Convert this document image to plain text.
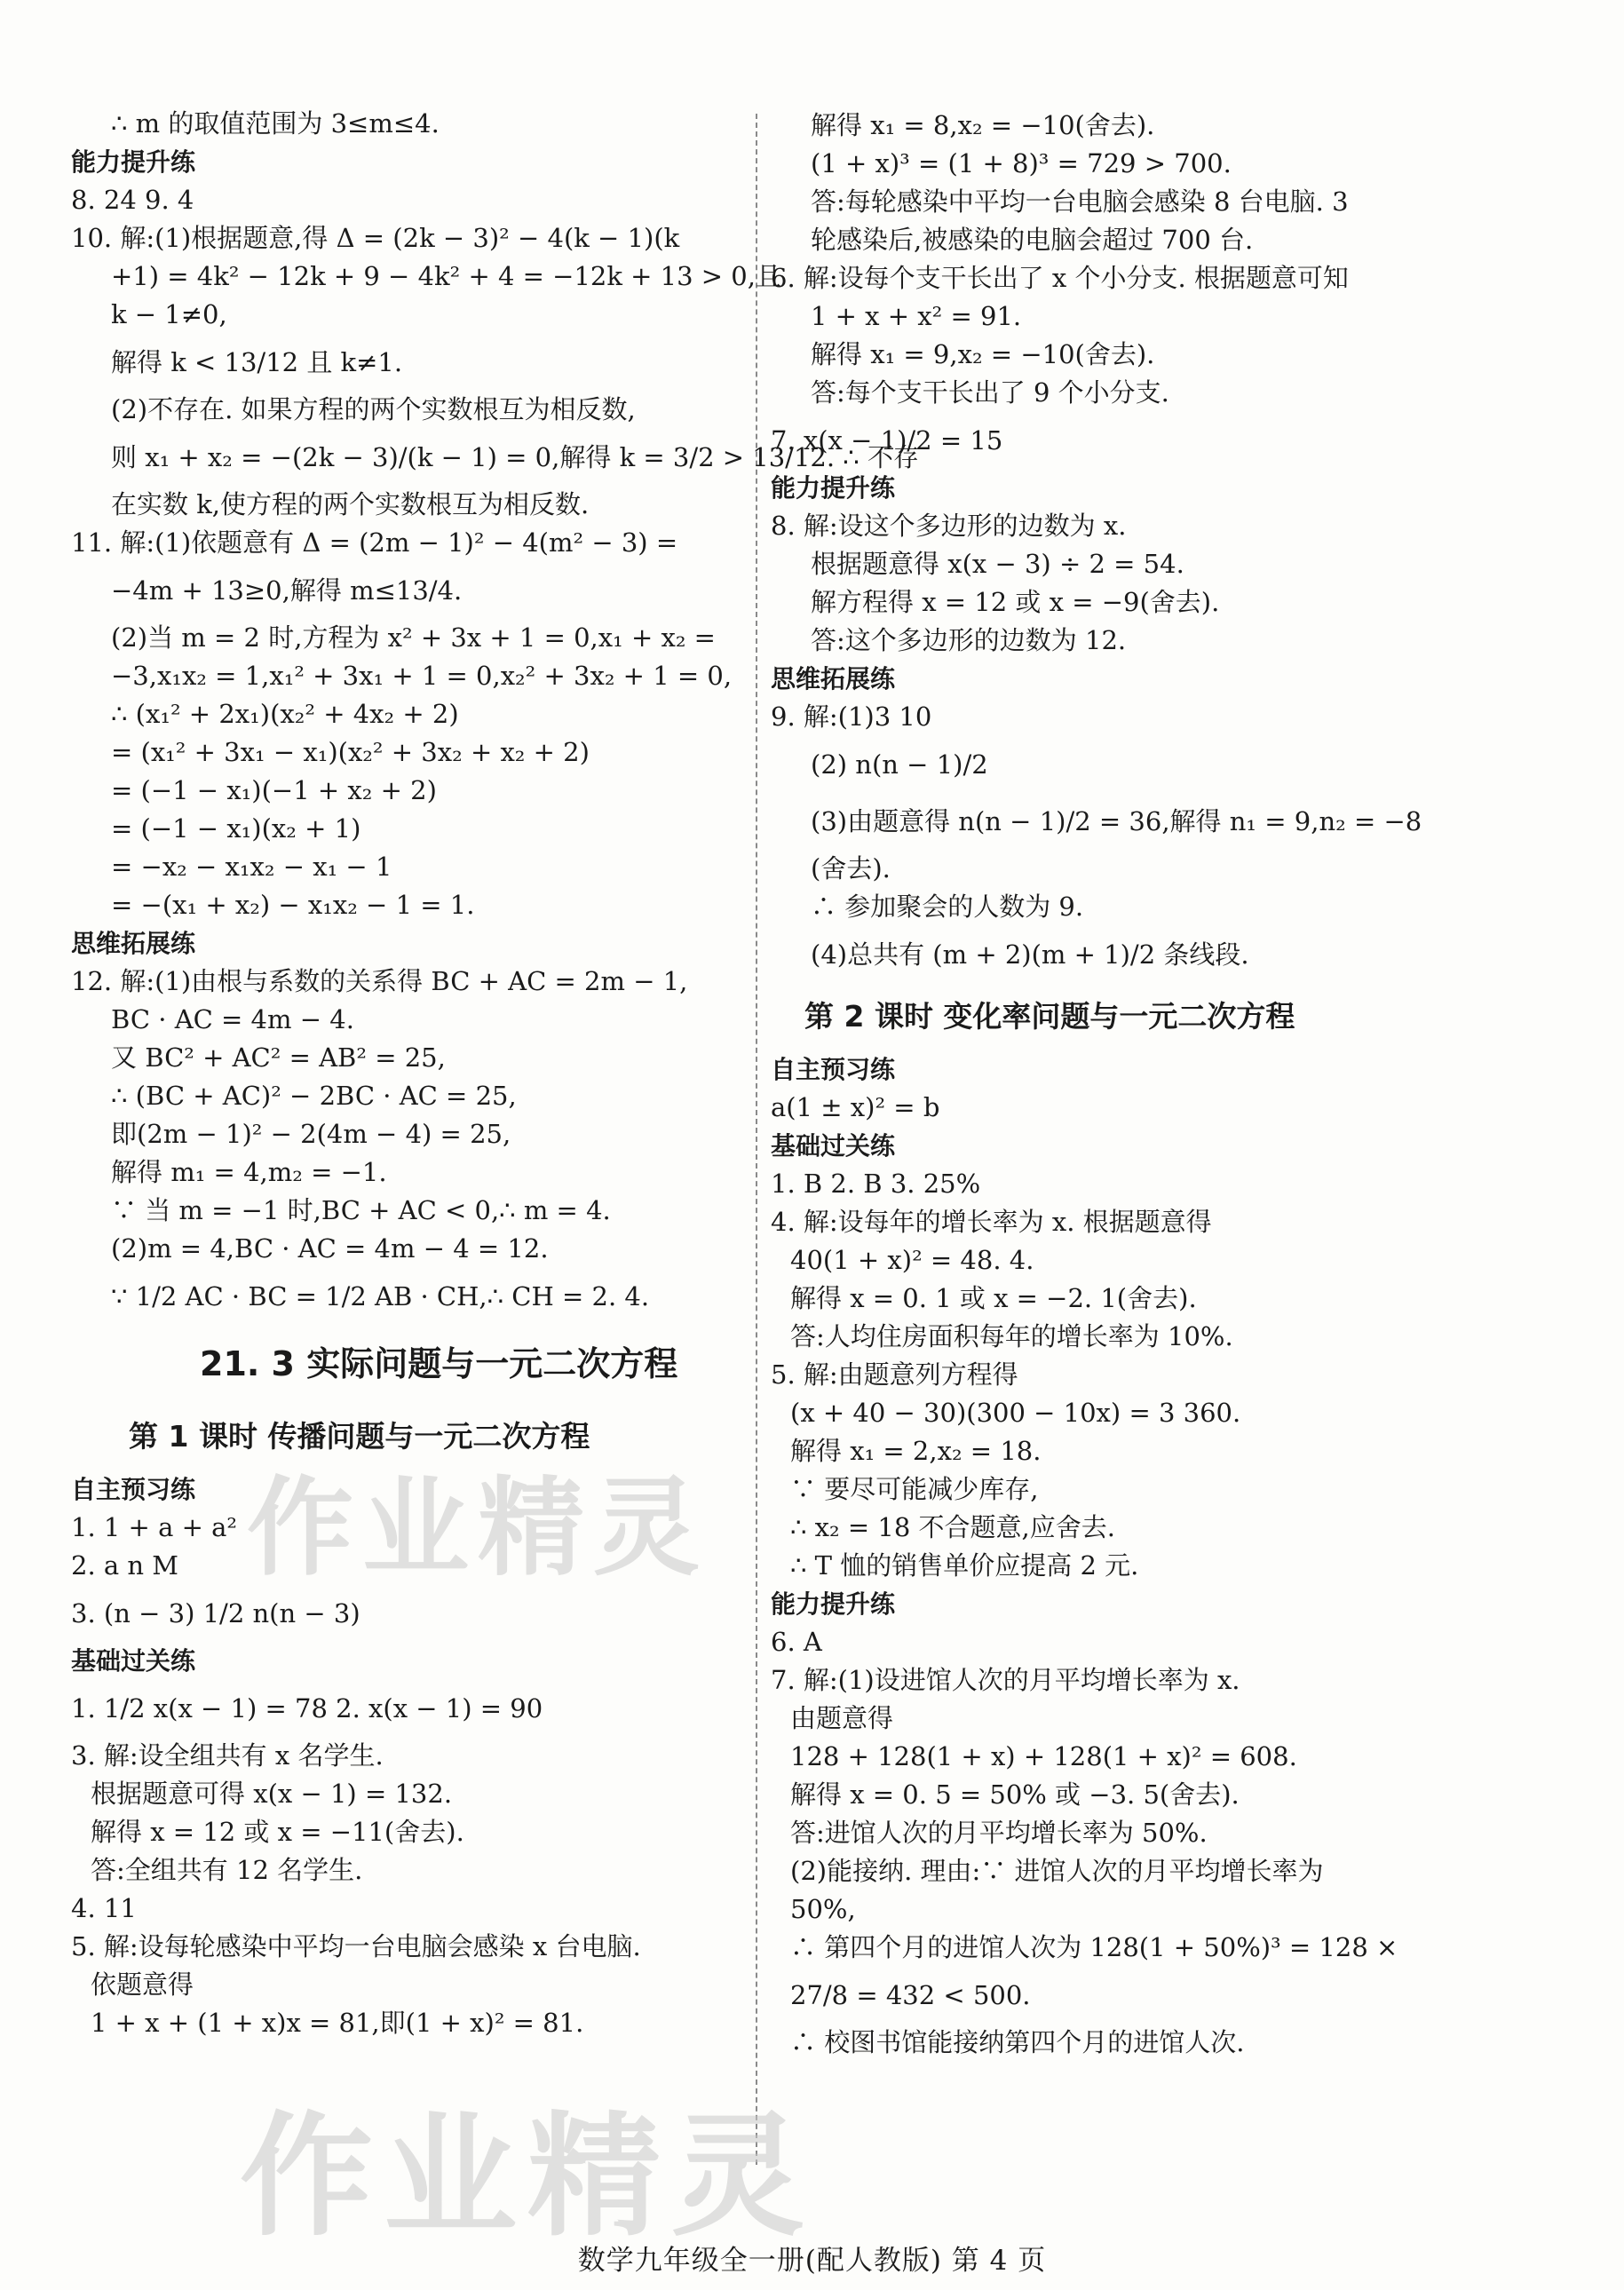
∴ m 的取值范围为 3≤m≤4.
能力提升练
8. 24 9. 4
10. 解:(1)根据题意,得 Δ = (2k − 3)² − 4(k − 1)(k
+1) = 4k² − 12k + 9 − 4k² + 4 = −12k + 13 > 0,且
k − 1≠0,
解得 k < 13/12 且 k≠1.
(2)不存在. 如果方程的两个实数根互为相反数,
则 x₁ + x₂ = −(2k − 3)/(k − 1) = 0,解得 k = 3/2 > 13/12. ∴ 不存
在实数 k,使方程的两个实数根互为相反数.
11. 解:(1)依题意有 Δ = (2m − 1)² − 4(m² − 3) =
−4m + 13≥0,解得 m≤13/4.
(2)当 m = 2 时,方程为 x² + 3x + 1 = 0,x₁ + x₂ =
−3,x₁x₂ = 1,x₁² + 3x₁ + 1 = 0,x₂² + 3x₂ + 1 = 0,
∴ (x₁² + 2x₁)(x₂² + 4x₂ + 2)
= (x₁² + 3x₁ − x₁)(x₂² + 3x₂ + x₂ + 2)
= (−1 − x₁)(−1 + x₂ + 2)
= (−1 − x₁)(x₂ + 1)
= −x₂ − x₁x₂ − x₁ − 1
= −(x₁ + x₂) − x₁x₂ − 1 = 1.
思维拓展练
12. 解:(1)由根与系数的关系得 BC + AC = 2m − 1,
BC · AC = 4m − 4.
又 BC² + AC² = AB² = 25,
∴ (BC + AC)² − 2BC · AC = 25,
即(2m − 1)² − 2(4m − 4) = 25,
解得 m₁ = 4,m₂ = −1.
∵ 当 m = −1 时,BC + AC < 0,∴ m = 4.
(2)m = 4,BC · AC = 4m − 4 = 12.
∵ 1/2 AC · BC = 1/2 AB · CH,∴ CH = 2. 4.
21. 3 实际问题与一元二次方程
第 1 课时 传播问题与一元二次方程
自主预习练
1. 1 + a + a²
2. a n M
3. (n − 3) 1/2 n(n − 3)
基础过关练
1. 1/2 x(x − 1) = 78 2. x(x − 1) = 90
3. 解:设全组共有 x 名学生.
根据题意可得 x(x − 1) = 132.
解得 x = 12 或 x = −11(舍去).
答:全组共有 12 名学生.
4. 11
5. 解:设每轮感染中平均一台电脑会感染 x 台电脑.
依题意得
1 + x + (1 + x)x = 81,即(1 + x)² = 81.
解得 x₁ = 8,x₂ = −10(舍去).
(1 + x)³ = (1 + 8)³ = 729 > 700.
答:每轮感染中平均一台电脑会感染 8 台电脑. 3
轮感染后,被感染的电脑会超过 700 台.
6. 解:设每个支干长出了 x 个小分支. 根据题意可知
1 + x + x² = 91.
解得 x₁ = 9,x₂ = −10(舍去).
答:每个支干长出了 9 个小分支.
7. x(x − 1)/2 = 15
能力提升练
8. 解:设这个多边形的边数为 x.
根据题意得 x(x − 3) ÷ 2 = 54.
解方程得 x = 12 或 x = −9(舍去).
答:这个多边形的边数为 12.
思维拓展练
9. 解:(1)3 10
(2) n(n − 1)/2
(3)由题意得 n(n − 1)/2 = 36,解得 n₁ = 9,n₂ = −8
(舍去).
∴ 参加聚会的人数为 9.
(4)总共有 (m + 2)(m + 1)/2 条线段.
第 2 课时 变化率问题与一元二次方程
自主预习练
a(1 ± x)² = b
基础过关练
1. B 2. B 3. 25%
4. 解:设每年的增长率为 x. 根据题意得
40(1 + x)² = 48. 4.
解得 x = 0. 1 或 x = −2. 1(舍去).
答:人均住房面积每年的增长率为 10%.
5. 解:由题意列方程得
(x + 40 − 30)(300 − 10x) = 3 360.
解得 x₁ = 2,x₂ = 18.
∵ 要尽可能减少库存,
∴ x₂ = 18 不合题意,应舍去.
∴ T 恤的销售单价应提高 2 元.
能力提升练
6. A
7. 解:(1)设进馆人次的月平均增长率为 x.
由题意得
128 + 128(1 + x) + 128(1 + x)² = 608.
解得 x = 0. 5 = 50% 或 −3. 5(舍去).
答:进馆人次的月平均增长率为 50%.
(2)能接纳. 理由:∵ 进馆人次的月平均增长率为
50%,
∴ 第四个月的进馆人次为 128(1 + 50%)³ = 128 ×
27/8 = 432 < 500.
∴ 校图书馆能接纳第四个月的进馆人次.
作业精灵
作业精灵
数学九年级全一册(配人教版) 第 4 页
